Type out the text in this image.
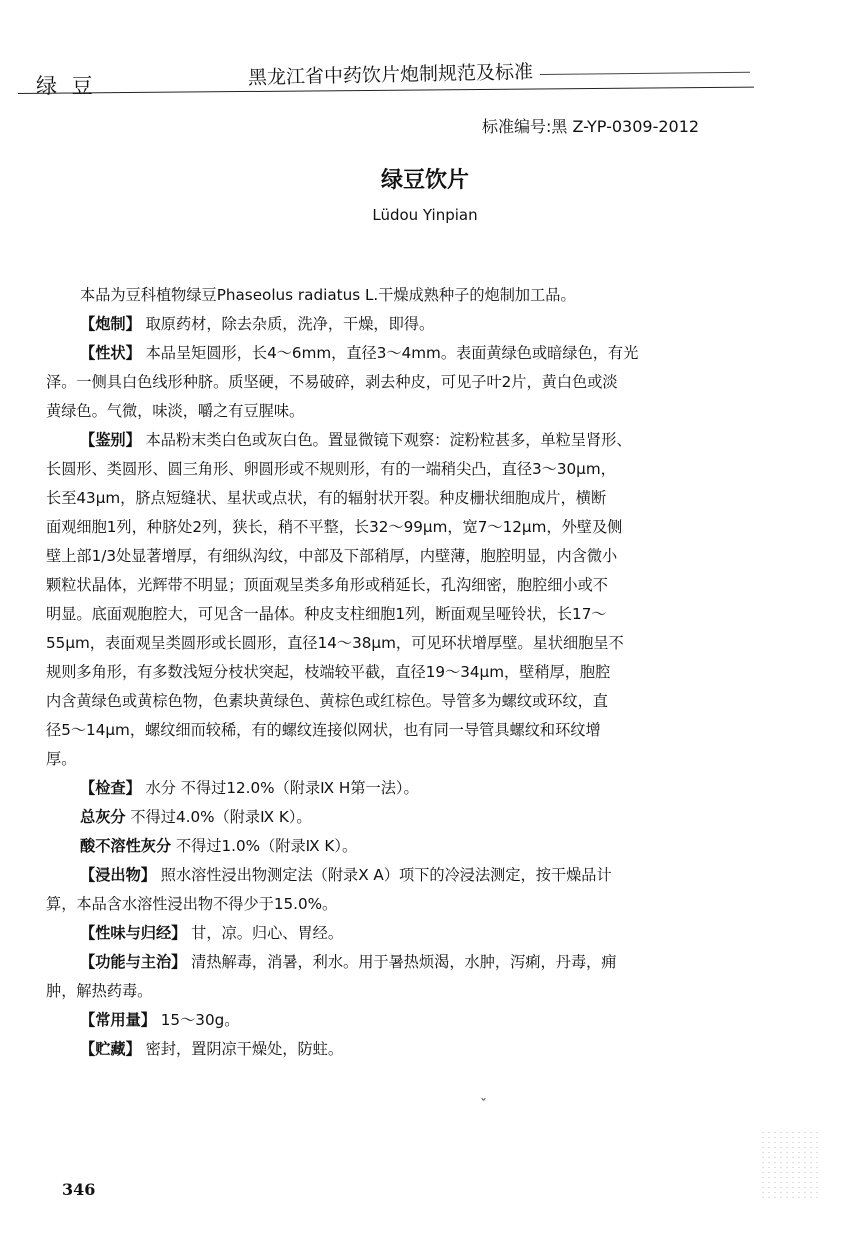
绿 豆	黑龙江省中药饮片炮制规范及标准
标准编号:黑 Z-YP-0309-2012
绿豆饮片
Lüdou Yinpian
本品为豆科植物绿豆Phaseolus radiatus L.干燥成熟种子的炮制加工品。
【炮制】 取原药材，除去杂质，洗净，干燥，即得。
【性状】 本品呈矩圆形，长4～6mm，直径3～4mm。表面黄绿色或暗绿色，有光
泽。一侧具白色线形种脐。质坚硬，不易破碎，剥去种皮，可见子叶2片，黄白色或淡
黄绿色。气微，味淡，嚼之有豆腥味。
【鉴别】 本品粉末类白色或灰白色。置显微镜下观察：淀粉粒甚多，单粒呈肾形、
长圆形、类圆形、圆三角形、卵圆形或不规则形，有的一端稍尖凸，直径3～30μm，
长至43μm，脐点短缝状、星状或点状，有的辐射状开裂。种皮栅状细胞成片，横断
面观细胞1列，种脐处2列，狭长，稍不平整，长32～99μm，宽7～12μm，外壁及侧
壁上部1/3处显著增厚，有细纵沟纹，中部及下部稍厚，内壁薄，胞腔明显，内含微小
颗粒状晶体，光辉带不明显；顶面观呈类多角形或稍延长，孔沟细密，胞腔细小或不
明显。底面观胞腔大，可见含一晶体。种皮支柱细胞1列，断面观呈哑铃状，长17～
55μm，表面观呈类圆形或长圆形，直径14～38μm，可见环状增厚壁。星状细胞呈不
规则多角形，有多数浅短分枝状突起，枝端较平截，直径19～34μm，壁稍厚，胞腔
内含黄绿色或黄棕色物，色素块黄绿色、黄棕色或红棕色。导管多为螺纹或环纹，直
径5～14μm，螺纹细而较稀，有的螺纹连接似网状，也有同一导管具螺纹和环纹增
厚。
【检查】 水分 不得过12.0%（附录Ⅸ H第一法）。
总灰分 不得过4.0%（附录Ⅸ K）。
酸不溶性灰分 不得过1.0%（附录Ⅸ K）。
【浸出物】 照水溶性浸出物测定法（附录Ⅹ A）项下的冷浸法测定，按干燥品计
算，本品含水溶性浸出物不得少于15.0%。
【性味与归经】 甘，凉。归心、胃经。
【功能与主治】 清热解毒，消暑，利水。用于暑热烦渴，水肿，泻痢，丹毒，痈
肿，解热药毒。
【常用量】 15～30g。
【贮藏】 密封，置阴凉干燥处，防蛀。
ˇ
346
